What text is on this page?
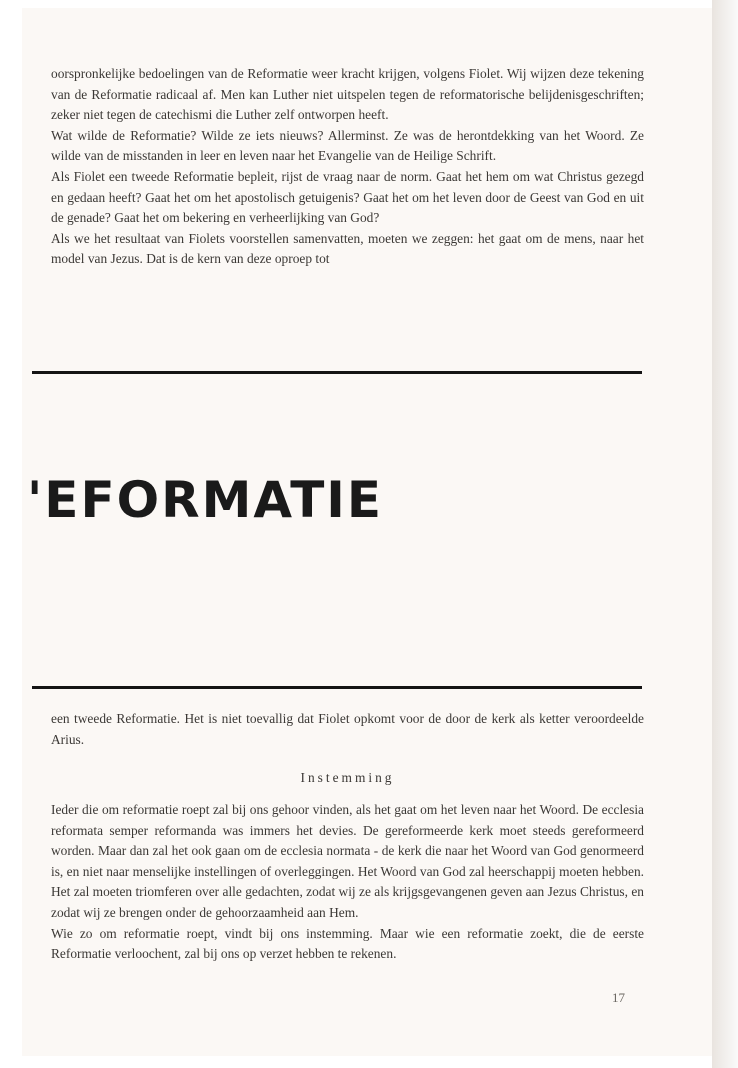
oorspronkelijke bedoelingen van de Reformatie weer kracht krijgen, volgens Fiolet. Wij wijzen deze tekening van de Reformatie radicaal af. Men kan Luther niet uitspelen tegen de reformatorische belijdenisgeschriften; zeker niet tegen de catechismi die Luther zelf ontworpen heeft.

Wat wilde de Reformatie? Wilde ze iets nieuws? Allerminst. Ze was de herontdekking van het Woord. Ze wilde van de misstanden in leer en leven naar het Evangelie van de Heilige Schrift.

Als Fiolet een tweede Reformatie bepleit, rijst de vraag naar de norm. Gaat het hem om wat Christus gezegd en gedaan heeft? Gaat het om het apostolisch getuigenis? Gaat het om het leven door de Geest van God en uit de genade? Gaat het om bekering en verheerlijking van God?

Als we het resultaat van Fiolets voorstellen samenvatten, moeten we zeggen: het gaat om de mens, naar het model van Jezus. Dat is de kern van deze oproep tot

'EFORMATIE

een tweede Reformatie. Het is niet toevallig dat Fiolet opkomt voor de door de kerk als ketter veroordeelde Arius.

Instemming

Ieder die om reformatie roept zal bij ons gehoor vinden, als het gaat om het leven naar het Woord. De ecclesia reformata semper reformanda was immers het devies. De gereformeerde kerk moet steeds gereformeerd worden. Maar dan zal het ook gaan om de ecclesia normata - de kerk die naar het Woord van God genormeerd is, en niet naar menselijke instellingen of overleggingen. Het Woord van God zal heerschappij moeten hebben. Het zal moeten triomferen over alle gedachten, zodat wij ze als krijgsgevangenen geven aan Jezus Christus, en zodat wij ze brengen onder de gehoorzaamheid aan Hem.

Wie zo om reformatie roept, vindt bij ons instemming. Maar wie een reformatie zoekt, die de eerste Reformatie verloochent, zal bij ons op verzet hebben te rekenen.

17
